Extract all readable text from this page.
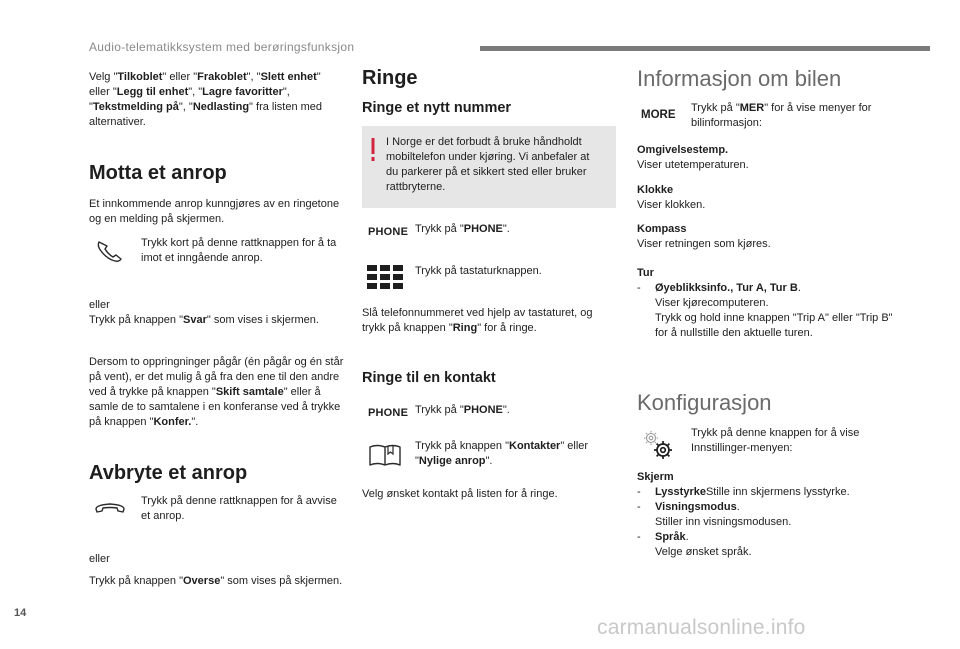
Audio-telematikksystem med berøringsfunksjon

Velg "Tilkoblet" eller "Frakoblet", "Slett enhet"

eller "Legg til enhet", "Lagre favoritter",

"Tekstmelding på", "Nedlasting" fra listen med

alternativer.

Motta et anrop

Et innkommende anrop kunngjøres av en ringetone

og en melding på skjermen.

Trykk kort på denne rattknappen for å ta

imot et inngående anrop.

eller

Trykk på knappen "Svar" som vises i skjermen.

Dersom to oppringninger pågår (én pågår og én står

på vent), er det mulig å gå fra den ene til den andre

ved å trykke på knappen "Skift samtale" eller å

samle de to samtalene i en konferanse ved å trykke

på knappen "Konfer.".

Avbryte et anrop

Trykk på denne rattknappen for å avvise

et anrop.

eller

Trykk på knappen "Overse" som vises på skjermen.

Ringe
Ringe et nytt nummer

I Norge er det forbudt å bruke håndholdt

mobiltelefon under kjøring. Vi anbefaler at

du parkerer på et sikkert sted eller bruker

rattbryterne.

PHONE Trykk på "PHONE".

Trykk på tastaturknappen.

Slå telefonnummeret ved hjelp av tastaturet, og

trykk på knappen "Ring" for å ringe.

Ringe til en kontakt
PHONE Trykk på "PHONE".

Trykk på knappen "Kontakter" eller

"Nylige anrop".

Velg ønsket kontakt på listen for å ringe.
Informasjon om bilen
MORE

Trykk på "MER" for å vise menyer for

bilinformasjon:

Omgivelsestemp.

Viser utetemperaturen.

Klokke

Viser klokken.

Kompass

Viser retningen som kjøres.

Tur

- Øyeblikksinfo., Tur A, Tur B.

Viser kjørecomputeren.

Trykk og hold inne knappen "Trip A" eller "Trip B"

for å nullstille den aktuelle turen.

Konfigurasjon

Trykk på denne knappen for å vise

Innstillinger-menyen:

Skjerm

- LysstyrkeStille inn skjermens lysstyrke.

- Visningsmodus.

Stiller inn visningsmodusen.

- Språk.

Velge ønsket språk.

14
carmanualsonline.info
